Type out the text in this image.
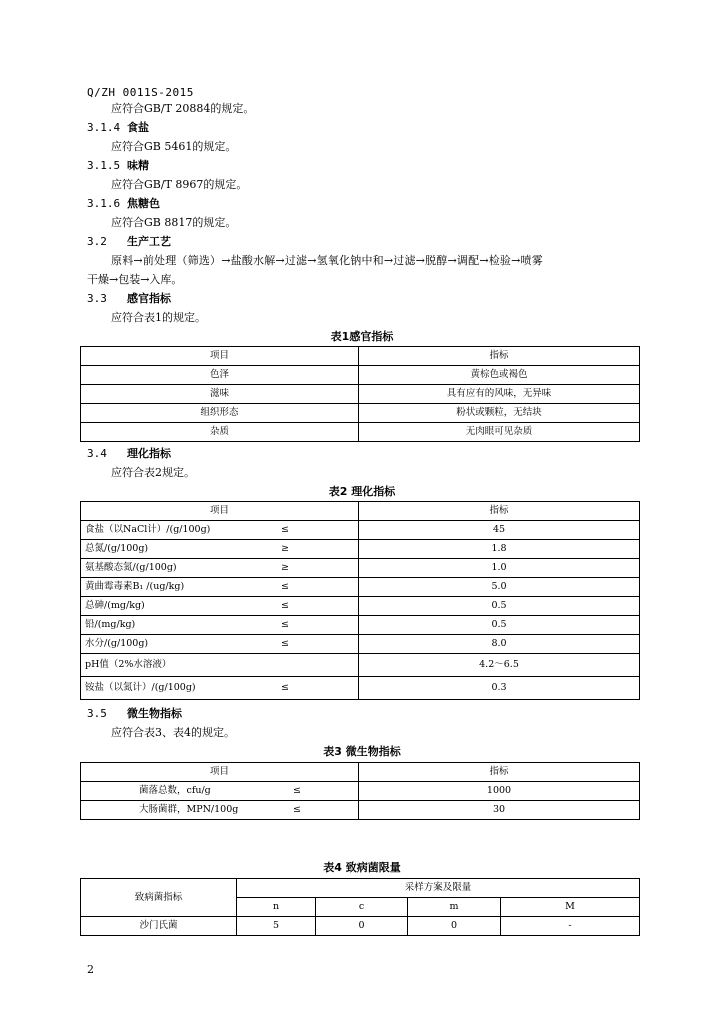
Q/ZH 0011S-2015
应符合GB/T 20884的规定。
3.1.4 食盐
应符合GB 5461的规定。
3.1.5 味精
应符合GB/T 8967的规定。
3.1.6 焦糖色
应符合GB 8817的规定。
3.2 生产工艺
原料→前处理（筛选）→盐酸水解→过滤→氢氧化钠中和→过滤→脱醇→调配→检验→喷雾
干燥→包装→入库。
3.3 感官指标
应符合表1的规定。
表1感官指标
项目	指标
色泽	黄棕色或褐色
滋味	具有应有的风味，无异味
组织形态	粉状或颗粒，无结块
杂质	无肉眼可见杂质
3.4 理化指标
应符合表2规定。
表2 理化指标
项目	指标
食盐（以NaCl计）/(g/100g) ≤	45
总氮/(g/100g) ≥	1.8
氨基酸态氮/(g/100g) ≥	1.0
黄曲霉毒素B₁ /(ug/kg) ≤	5.0
总砷/(mg/kg) ≤	0.5
铅/(mg/kg) ≤	0.5
水分/(g/100g) ≤	8.0
pH值（2%水溶液）	4.2～6.5
铵盐（以氮计）/(g/100g) ≤	0.3
3.5 微生物指标
应符合表3、表4的规定。
表3 微生物指标
项目	指标
菌落总数，cfu/g ≤	1000
大肠菌群，MPN/100g ≤	30
表4 致病菌限量
致病菌指标	采样方案及限量			
	n	c	m	M
沙门氏菌	5	0	0	-
2
